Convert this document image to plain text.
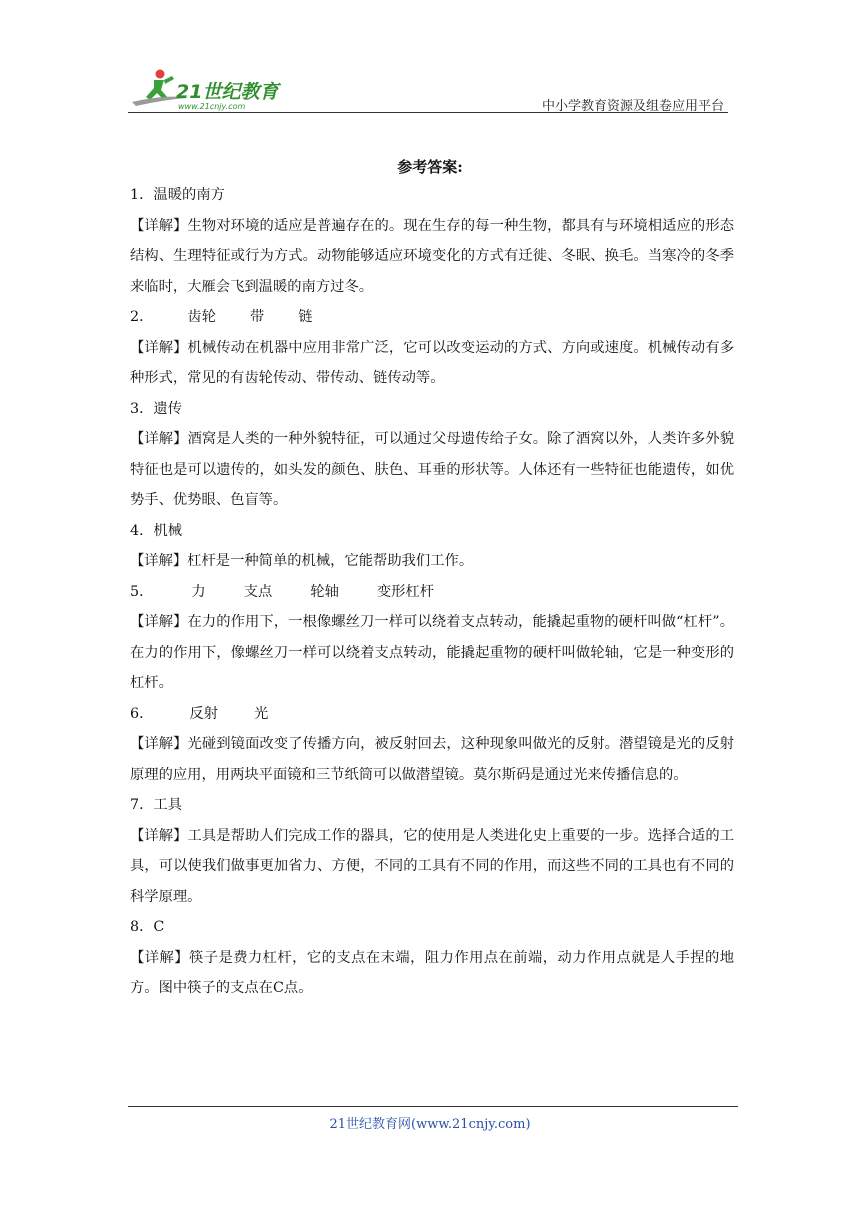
21世纪教育
www.21cnjy.com	中小学教育资源及组卷应用平台
参考答案:

1．温暖的南方

【详解】生物对环境的适应是普遍存在的。现在生存的每一种生物，都具有与环境相适应的形态结构、生理特征或行为方式。动物能够适应环境变化的方式有迁徙、冬眠、换毛。当寒冷的冬季来临时，大雁会飞到温暖的南方过冬。

2． 齿轮 带 链

【详解】机械传动在机器中应用非常广泛，它可以改变运动的方式、方向或速度。机械传动有多种形式，常见的有齿轮传动、带传动、链传动等。

3．遗传

【详解】酒窝是人类的一种外貌特征，可以通过父母遗传给子女。除了酒窝以外，人类许多外貌特征也是可以遗传的，如头发的颜色、肤色、耳垂的形状等。人体还有一些特征也能遗传，如优势手、优势眼、色盲等。

4．机械

【详解】杠杆是一种简单的机械，它能帮助我们工作。

5．	力	支点	轮轴	变形杠杆

【详解】在力的作用下，一根像螺丝刀一样可以绕着支点转动，能撬起重物的硬杆叫做“杠杆”。在力的作用下，像螺丝刀一样可以绕着支点转动，能撬起重物的硬杆叫做轮轴，它是一种变形的杠杆。

6．	反射	光

【详解】光碰到镜面改变了传播方向，被反射回去，这种现象叫做光的反射。潜望镜是光的反射原理的应用，用两块平面镜和三节纸筒可以做潜望镜。莫尔斯码是通过光来传播信息的。

7．工具

【详解】工具是帮助人们完成工作的器具，它的使用是人类进化史上重要的一步。选择合适的工具，可以使我们做事更加省力、方便，不同的工具有不同的作用，而这些不同的工具也有不同的科学原理。

8．C

【详解】筷子是费力杠杆，它的支点在末端，阻力作用点在前端，动力作用点就是人手捏的地方。图中筷子的支点在C点。

21世纪教育网(www.21cnjy.com)
